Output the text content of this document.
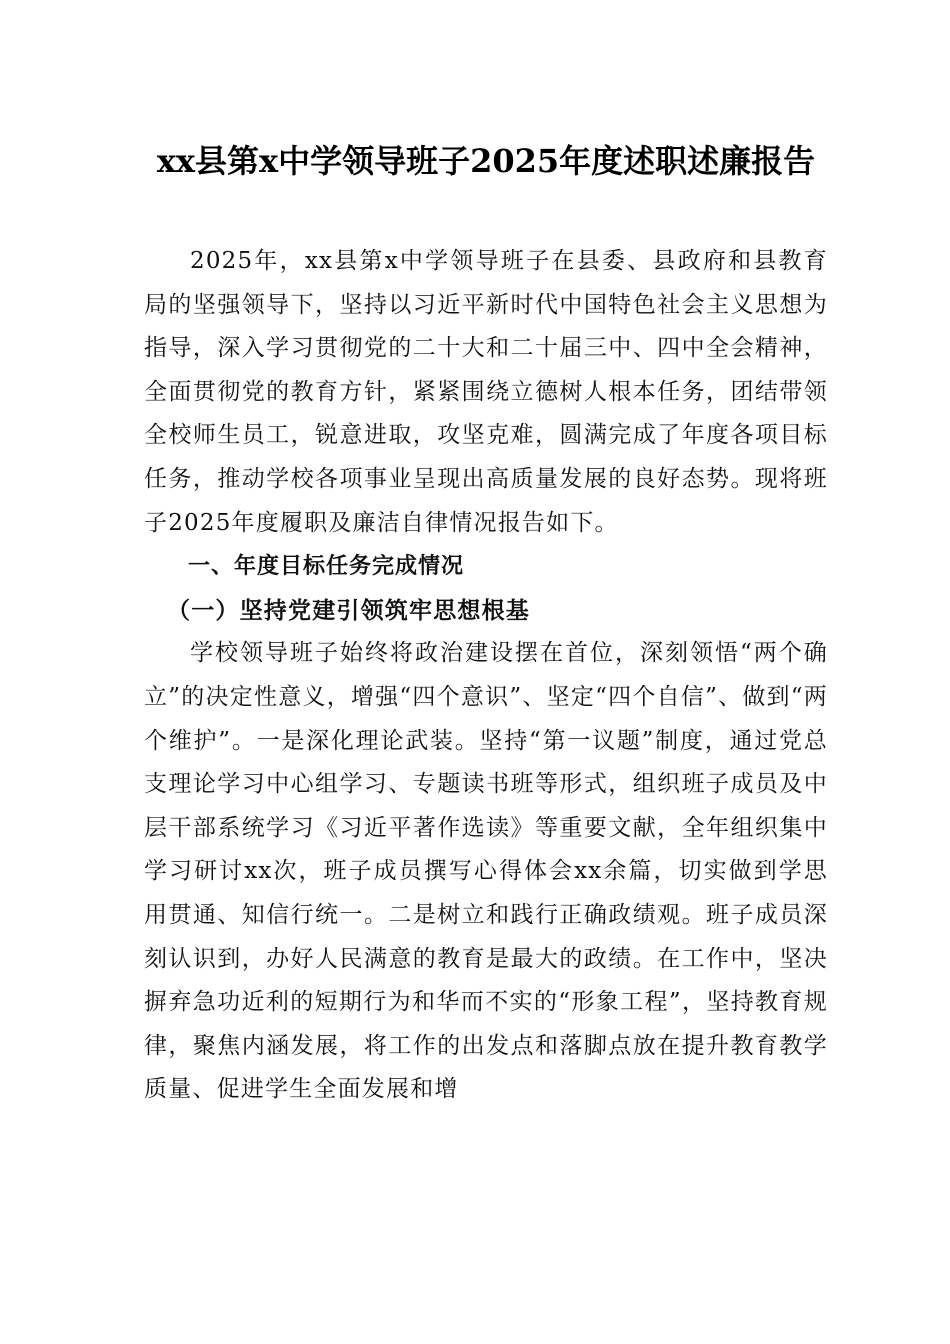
xx县第x中学领导班子2025年度述职述廉报告

2025年，xx县第x中学领导班子在县委、县政府和县教育局的坚强领导下，坚持以习近平新时代中国特色社会主义思想为指导，深入学习贯彻党的二十大和二十届三中、四中全会精神，全面贯彻党的教育方针，紧紧围绕立德树人根本任务，团结带领全校师生员工，锐意进取，攻坚克难，圆满完成了年度各项目标任务，推动学校各项事业呈现出高质量发展的良好态势。现将班子2025年度履职及廉洁自律情况报告如下。

一、年度目标任务完成情况

（一）坚持党建引领筑牢思想根基

学校领导班子始终将政治建设摆在首位，深刻领悟“两个确立”的决定性意义，增强“四个意识”、坚定“四个自信”、做到“两个维护”。一是深化理论武装。坚持“第一议题”制度，通过党总支理论学习中心组学习、专题读书班等形式，组织班子成员及中层干部系统学习《习近平著作选读》等重要文献，全年组织集中学习研讨xx次，班子成员撰写心得体会xx余篇，切实做到学思用贯通、知信行统一。二是树立和践行正确政绩观。班子成员深刻认识到，办好人民满意的教育是最大的政绩。在工作中，坚决摒弃急功近利的短期行为和华而不实的“形象工程”，坚持教育规律，聚焦内涵发展，将工作的出发点和落脚点放在提升教育教学质量、促进学生全面发展和增
